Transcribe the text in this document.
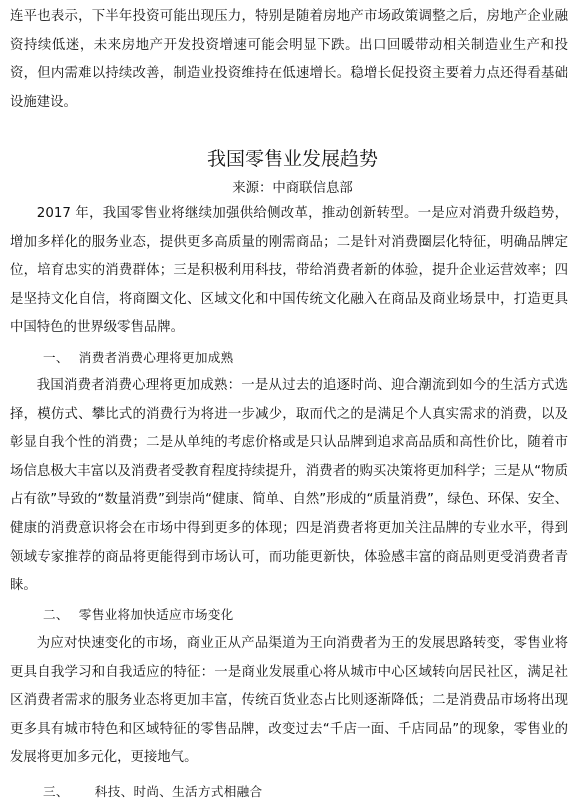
连平也表示，下半年投资可能出现压力，特别是随着房地产市场政策调整之后，房地产企业融资持续低迷，未来房地产开发投资增速可能会明显下跌。出口回暖带动相关制造业生产和投资，但内需难以持续改善，制造业投资维持在低速增长。稳增长促投资主要着力点还得看基础设施建设。

我国零售业发展趋势

来源：中商联信息部

2017 年，我国零售业将继续加强供给侧改革，推动创新转型。一是应对消费升级趋势，增加多样化的服务业态，提供更多高质量的刚需商品；二是针对消费圈层化特征，明确品牌定位，培育忠实的消费群体；三是积极利用科技，带给消费者新的体验，提升企业运营效率；四是坚持文化自信，将商圈文化、区域文化和中国传统文化融入在商品及商业场景中，打造更具中国特色的世界级零售品牌。

一、 消费者消费心理将更加成熟

我国消费者消费心理将更加成熟：一是从过去的追逐时尚、迎合潮流到如今的生活方式选择，模仿式、攀比式的消费行为将进一步减少，取而代之的是满足个人真实需求的消费，以及彰显自我个性的消费；二是从单纯的考虑价格或是只认品牌到追求高品质和高性价比，随着市场信息极大丰富以及消费者受教育程度持续提升，消费者的购买决策将更加科学；三是从“物质占有欲”导致的“数量消费”到崇尚“健康、简单、自然”形成的“质量消费”，绿色、环保、安全、健康的消费意识将会在市场中得到更多的体现；四是消费者将更加关注品牌的专业水平，得到领域专家推荐的商品将更能得到市场认可，而功能更新快，体验感丰富的商品则更受消费者青睐。

二、 零售业将加快适应市场变化

为应对快速变化的市场，商业正从产品渠道为王向消费者为王的发展思路转变，零售业将更具自我学习和自我适应的特征：一是商业发展重心将从城市中心区域转向居民社区，满足社区消费者需求的服务业态将更加丰富，传统百货业态占比则逐渐降低；二是消费品市场将出现更多具有城市特色和区域特征的零售品牌，改变过去“千店一面、千店同品”的现象，零售业的发展将更加多元化，更接地气。

三、 科技、时尚、生活方式相融合
